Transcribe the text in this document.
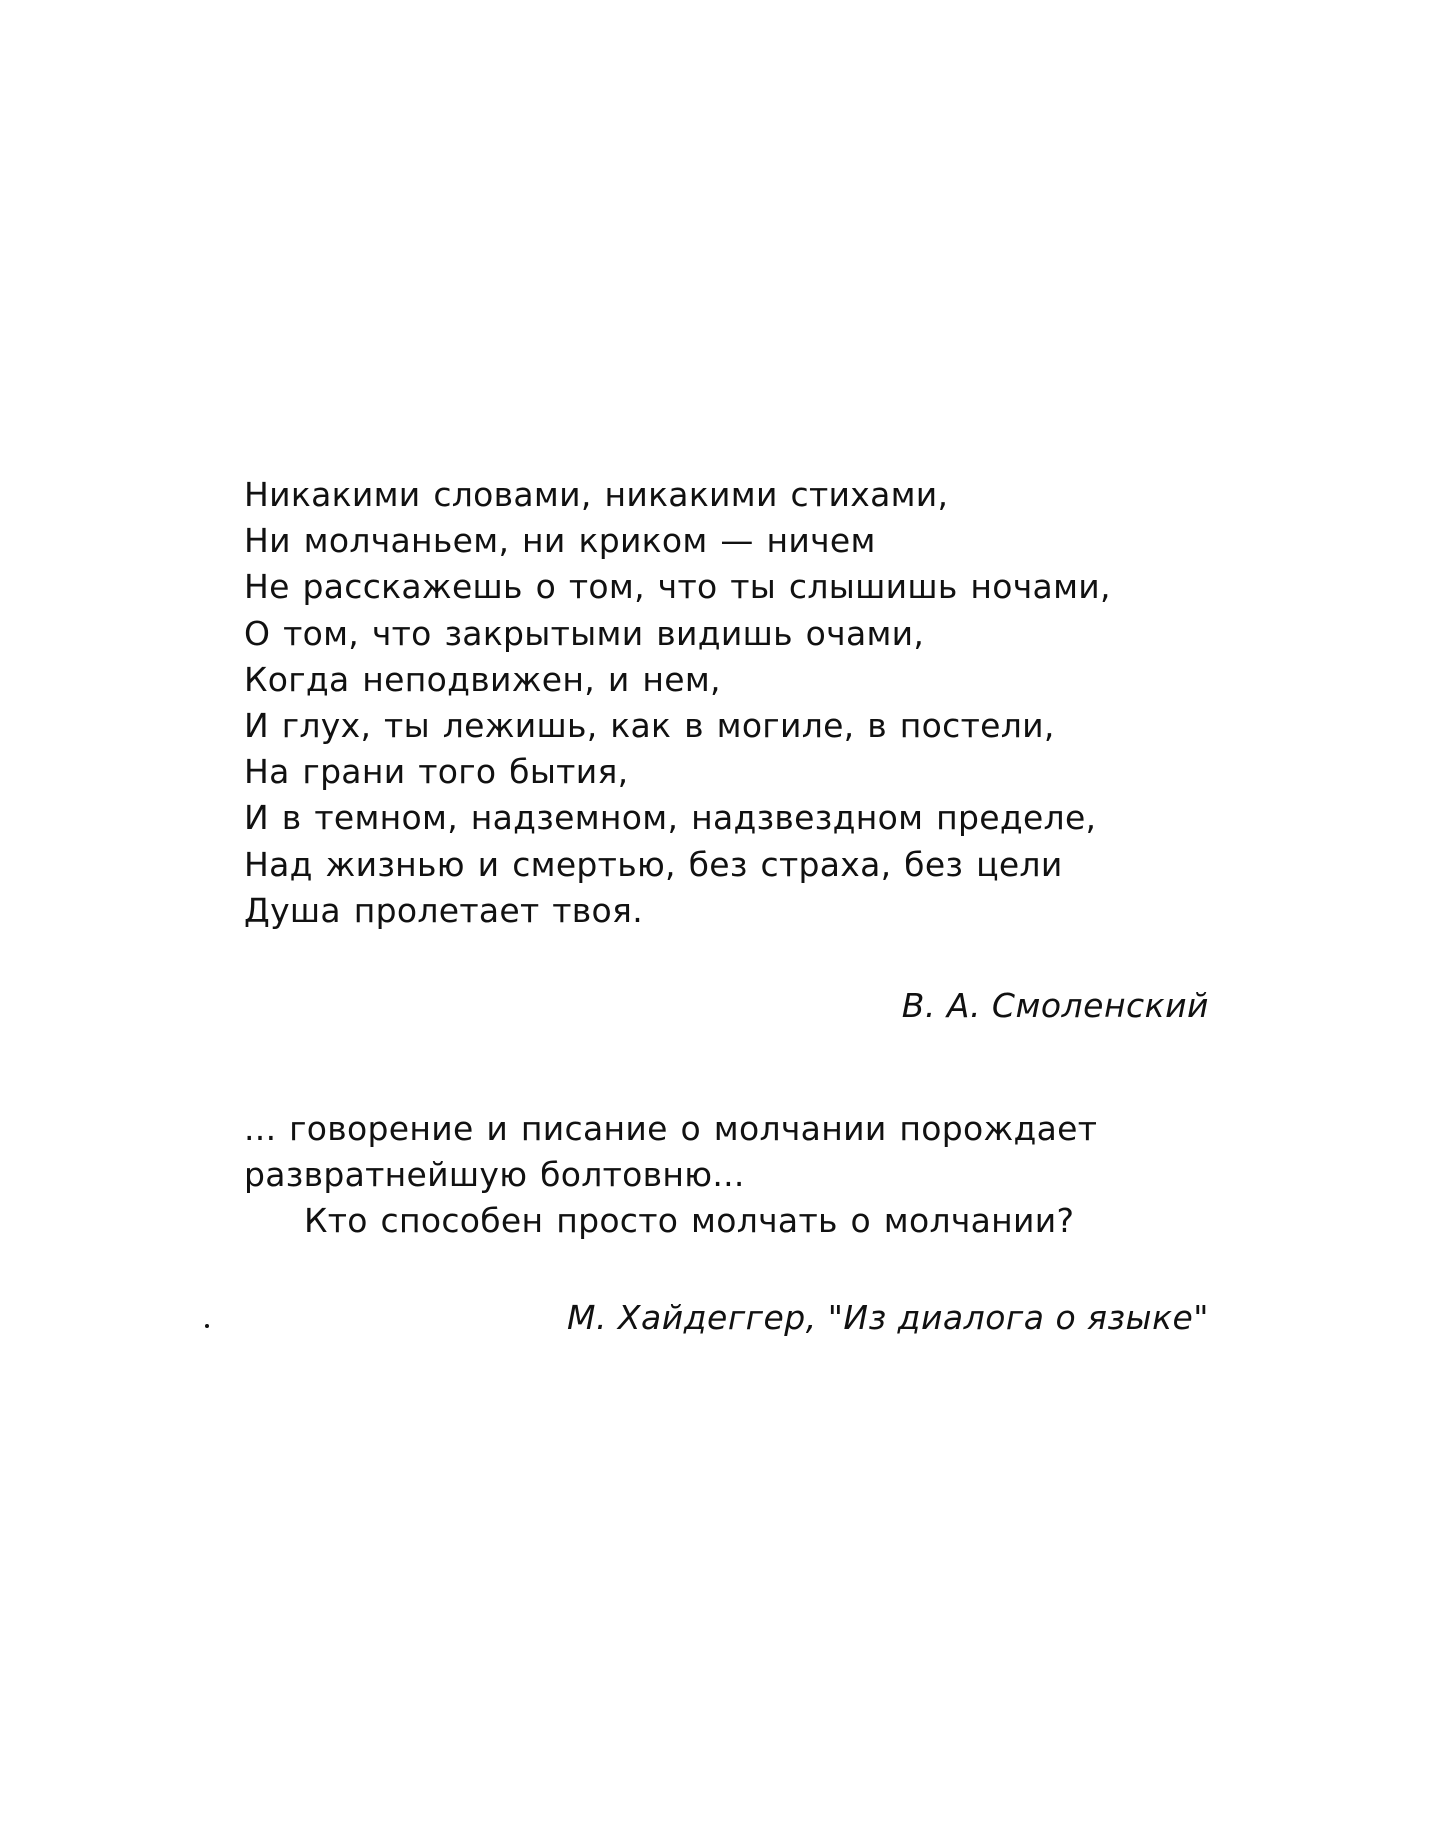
Никакими словами, никакими стихами,
Ни молчаньем, ни криком — ничем
Не расскажешь о том, что ты слышишь ночами,
О том, что закрытыми видишь очами,
Когда неподвижен, и нем,
И глух, ты лежишь, как в могиле, в постели,
На грани того бытия,
И в темном, надземном, надзвездном пределе,
Над жизнью и смертью, без страха, без цели
Душа пролетает твоя.
В. А. Смоленский
... говорение и писание о молчании порождает
развратнейшую болтовню...
Кто способен просто молчать о молчании?
М. Хайдеггер, "Из диалога о языке"
